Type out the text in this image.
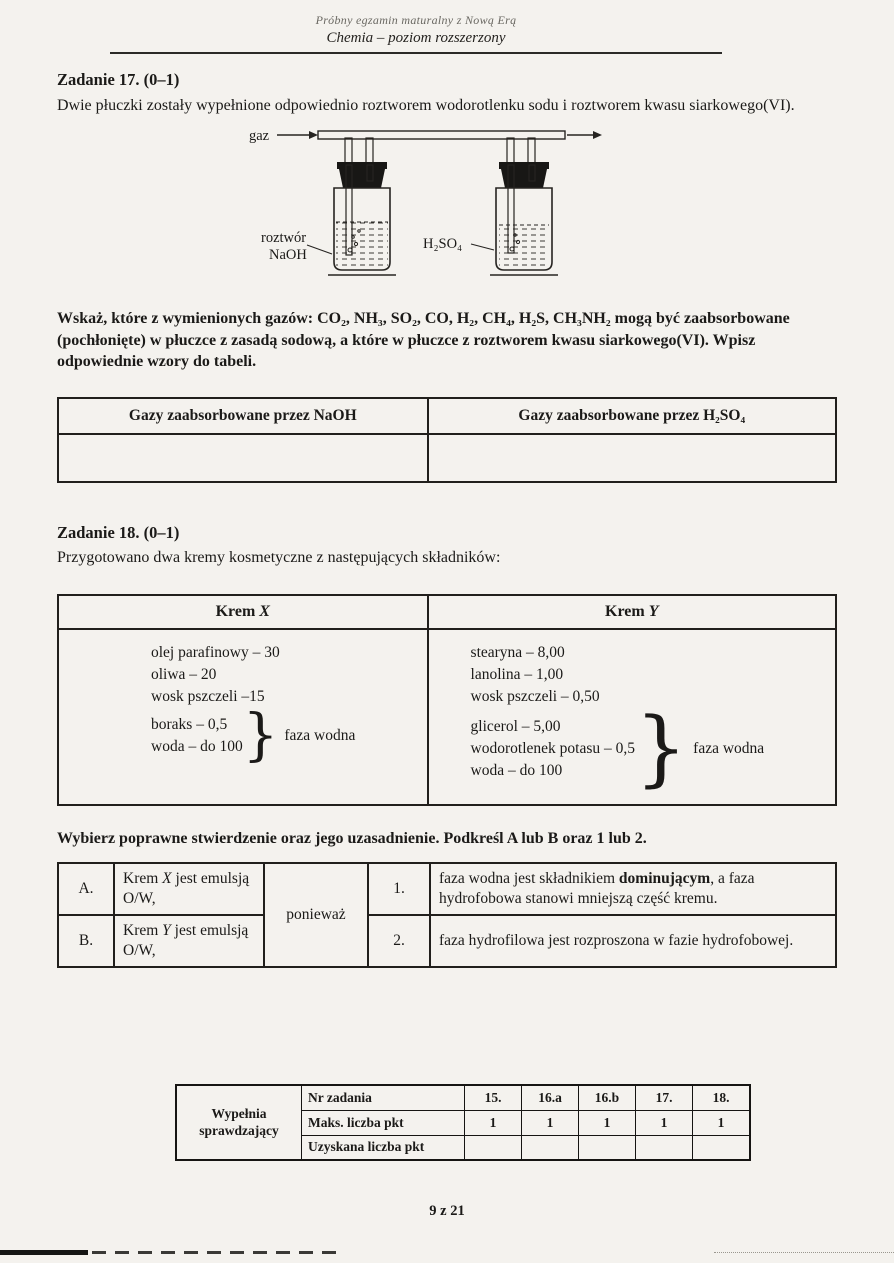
Próbny egzamin maturalny z Nową Erą
Chemia – poziom rozszerzony
Zadanie 17. (0–1)

Dwie płuczki zostały wypełnione odpowiednio roztworem wodorotlenku sodu i roztworem kwasu siarkowego(VI).

gaz
roztwór
NaOH
H₂SO₄

Wskaż, które z wymienionych gazów: CO₂, NH₃, SO₂, CO, H₂, CH₄, H₂S, CH₃NH₂ mogą być zaabsorbowane (pochłonięte) w płuczce z zasadą sodową, a które w płuczce z roztworem kwasu siarkowego(VI). Wpisz odpowiednie wzory do tabeli.

Gazy zaabsorbowane przez NaOH	Gazy zaabsorbowane przez H₂SO₄

Zadanie 18. (0–1)

Przygotowano dwa kremy kosmetyczne z następujących składników:

Krem X	Krem Y

olej parafinowy – 30
oliwa – 20
wosk pszczeli –15
boraks – 0,5
woda – do 100 } faza wodna

stearyna – 8,00
lanolina – 1,00
wosk pszczeli – 0,50
glicerol – 5,00
wodorotlenek potasu – 0,5
woda – do 100 } faza wodna

Wybierz poprawne stwierdzenie oraz jego uzasadnienie. Podkreśl A lub B oraz 1 lub 2.

A.	Krem X jest emulsją O/W,	ponieważ	1.	faza wodna jest składnikiem dominującym, a faza hydrofobowa stanowi mniejszą część kremu.
B.	Krem Y jest emulsją O/W,		2.	faza hydrofilowa jest rozproszona w fazie hydrofobowej.
Wypełnia
sprawdzający	Nr zadania	15.	16.a	16.b	17.	18.
	Maks. liczba pkt	1	1	1	1	1
	Uzyskana liczba pkt					
9 z 21
